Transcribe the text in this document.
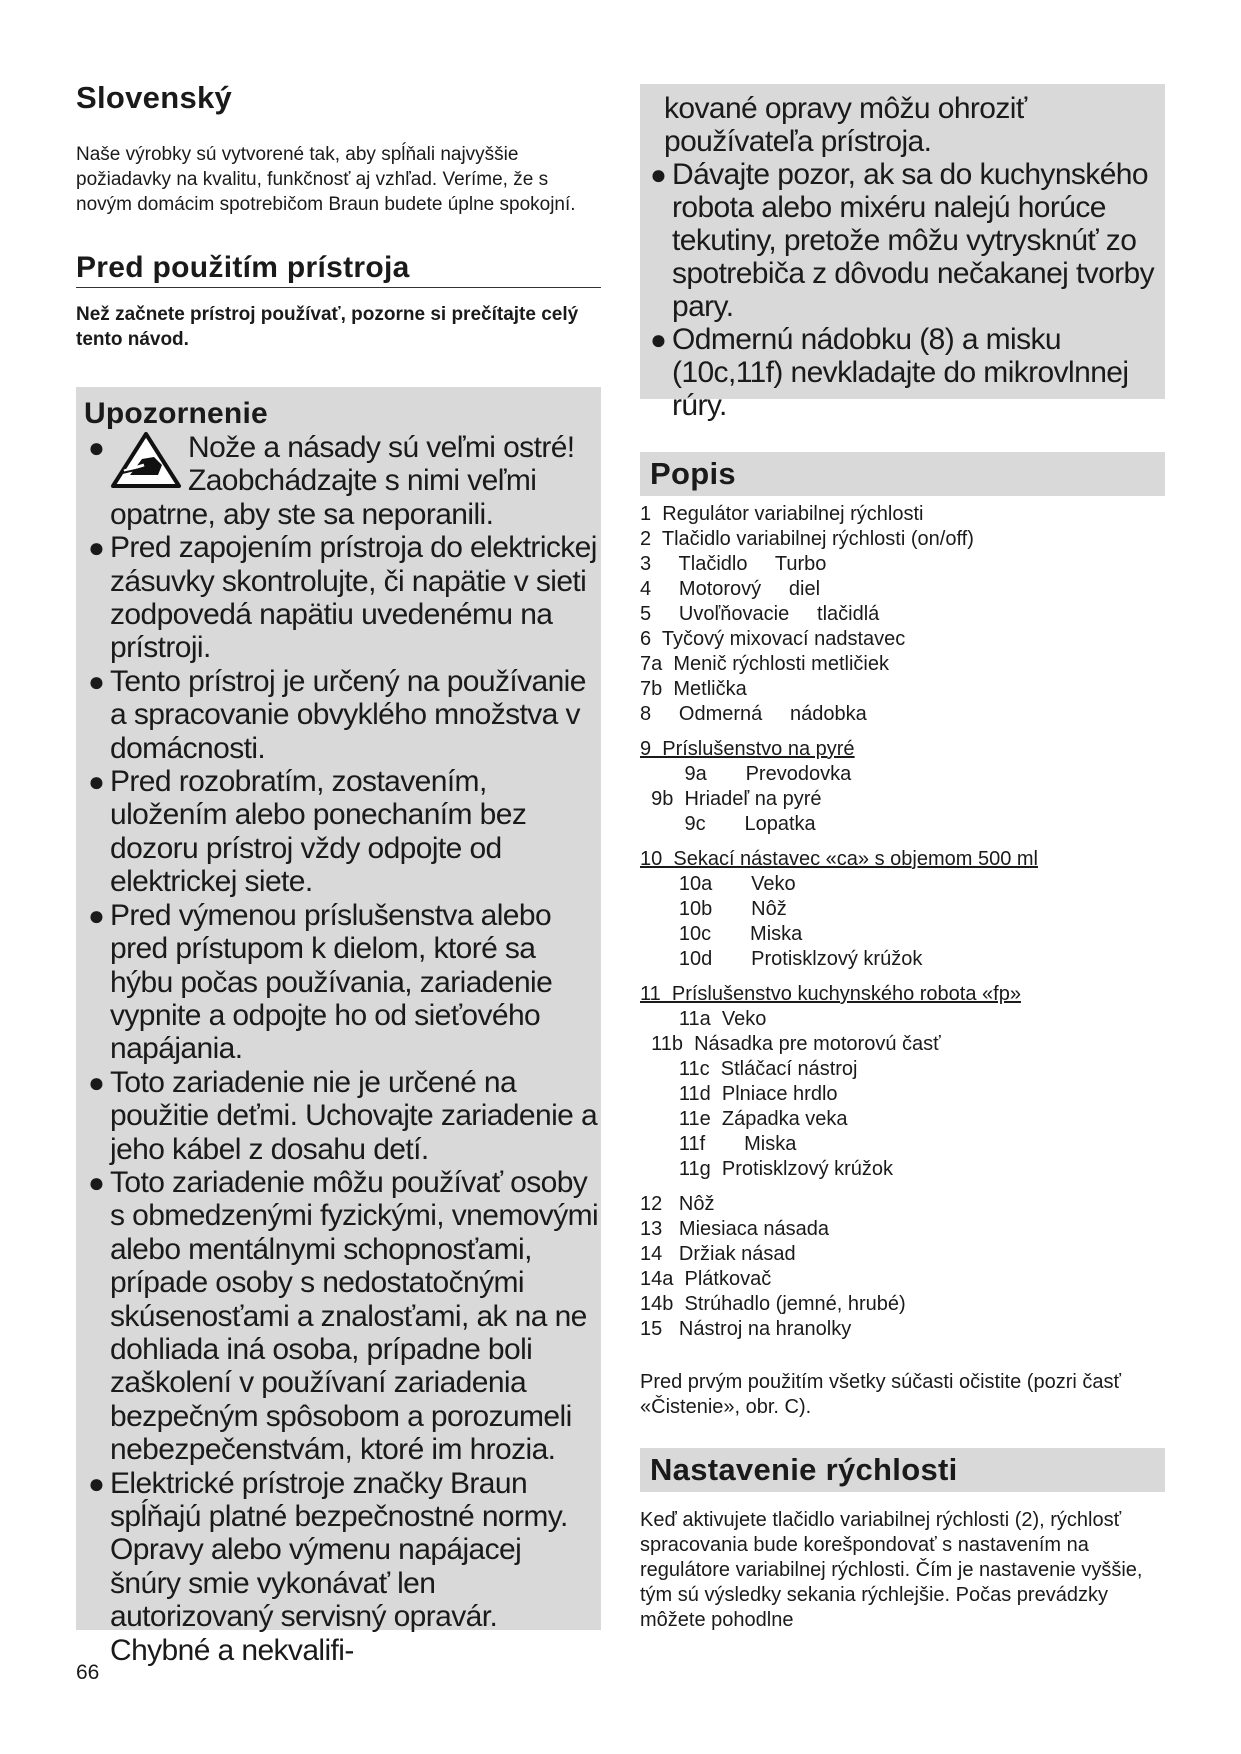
Slovenský

Naše výrobky sú vytvorené tak, aby spĺňali najvyššie požiadavky na kvalitu, funkčnosť aj vzhľad. Veríme, že s novým domácim spotrebičom Braun budete úplne spokojní.

Pred použitím prístroja

Než začnete prístroj používať, pozorne si prečítajte celý tento návod.

Upozornenie
●	Nože a násady sú veľmi ostré! Zaobchádzajte s nimi veľmi opatrne, aby ste sa neporanili.
● Pred zapojením prístroja do elektrickej zásuvky skontrolujte, či napätie v sieti zodpovedá napätiu uvedenému na prístroji.
● Tento prístroj je určený na používanie a spracovanie obvyklého množstva v domácnosti.
● Pred rozobratím, zostavením, uložením alebo ponechaním bez dozoru prístroj vždy odpojte od elektrickej siete.
● Pred výmenou príslušenstva alebo pred prístupom k dielom, ktoré sa hýbu počas používania, zariadenie vypnite a odpojte ho od sieťového napájania.
● Toto zariadenie nie je určené na použitie deťmi. Uchovajte zariadenie a jeho kábel z dosahu detí.
● Toto zariadenie môžu používať osoby s obmedzenými fyzickými, vnemovými alebo mentálnymi schopnosťami, prípade osoby s nedostatočnými skúsenosťami a znalosťami, ak na ne dohliada iná osoba, prípadne boli zaškolení v používaní zariadenia bezpečným spôsobom a porozumeli nebezpečenstvám, ktoré im hrozia.
● Elektrické prístroje značky Braun spĺňajú platné bezpečnostné normy. Opravy alebo výmenu napájacej šnúry smie vykonávať len autorizovaný servisný opravár. Chybné a nekvalifi-
66
kované opravy môžu ohroziť používateľa prístroja.
● Dávajte pozor, ak sa do kuchynského robota alebo mixéru nalejú horúce tekutiny, pretože môžu vytrysknúť zo spotrebiča z dôvodu nečakanej tvorby pary.
● Odmernú nádobku (8) a misku (10c,11f) nevkladajte do mikrovlnnej rúry.
Popis
1  Regulátor variabilnej rýchlosti
2  Tlačidlo variabilnej rýchlosti (on/off)
3     Tlačidlo     Turbo
4     Motorový     diel
5     Uvoľňovacie     tlačidlá
6  Tyčový mixovací nadstavec
7a  Menič rýchlosti metličiek
7b  Metlička
8     Odmerná     nádobka
9  Príslušenstvo na pyré
9a       Prevodovka
9b  Hriadeľ na pyré
9c       Lopatka
10  Sekací nástavec «ca» s objemom 500 ml
10a       Veko
10b       Nôž
10c       Miska
10d       Protisklzový krúžok
11  Príslušenstvo kuchynského robota «fp»
11a  Veko
11b  Násadka pre motorovú časť
11c  Stláčací nástroj
11d  Plniace hrdlo
11e  Západka veka
11f       Miska
11g  Protisklzový krúžok
12   Nôž
13   Miesiaca násada
14   Držiak násad
14a  Plátkovač
14b  Strúhadlo (jemné, hrubé)
15   Nástroj na hranolky

Pred prvým použitím všetky súčasti očistite (pozri časť «Čistenie», obr. C).

Nastavenie rýchlosti

Keď aktivujete tlačidlo variabilnej rýchlosti (2), rýchlosť spracovania bude korešpondovať s nastavením na regulátore variabilnej rýchlosti. Čím je nastavenie vyššie, tým sú výsledky sekania rýchlejšie. Počas prevádzky môžete pohodlne
